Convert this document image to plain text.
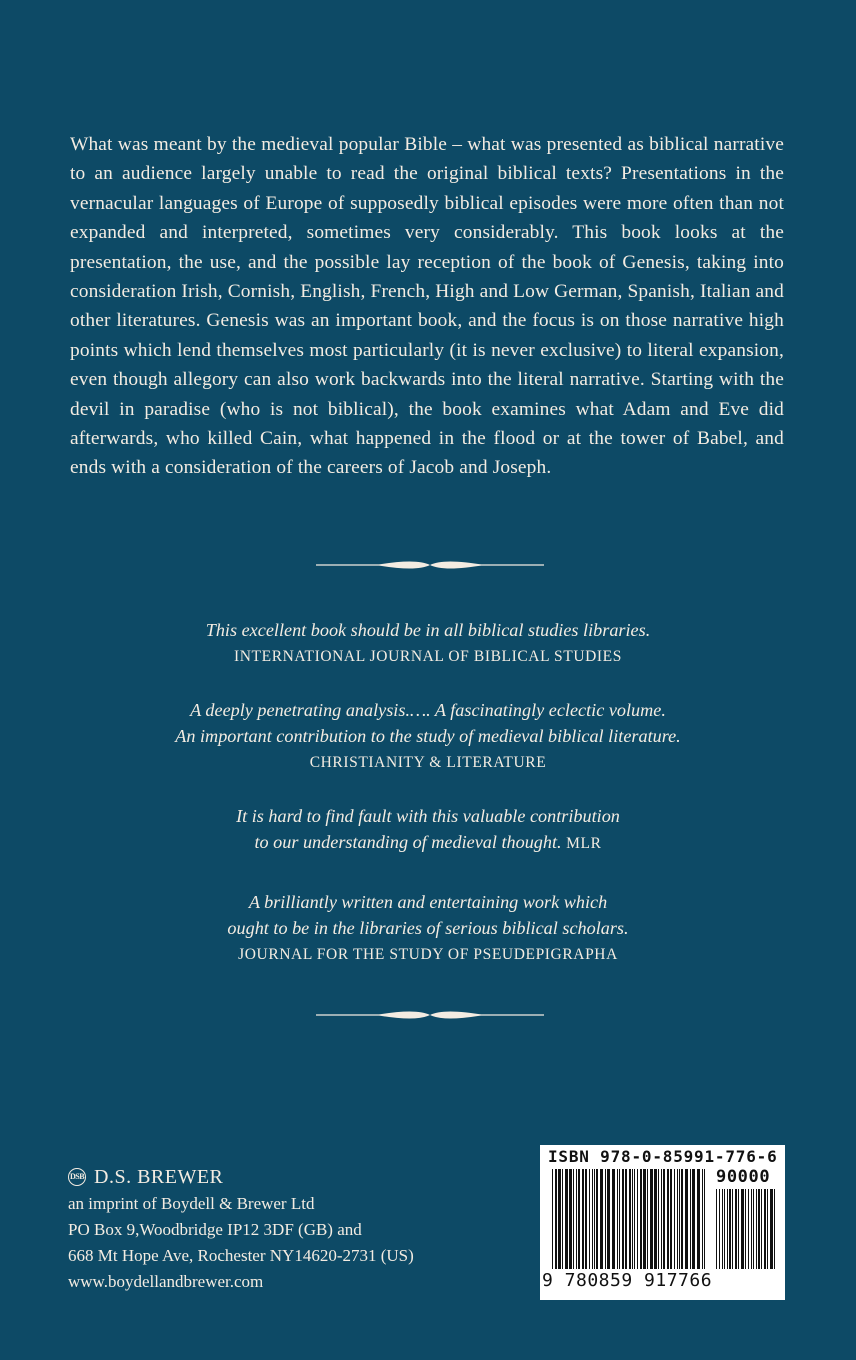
What was meant by the medieval popular Bible – what was presented as biblical narrative to an audience largely unable to read the original biblical texts? Presentations in the vernacular languages of Europe of supposedly biblical episodes were more often than not expanded and interpreted, sometimes very considerably. This book looks at the presentation, the use, and the possible lay reception of the book of Genesis, taking into consideration Irish, Cornish, English, French, High and Low German, Spanish, Italian and other literatures. Genesis was an important book, and the focus is on those narrative high points which lend themselves most particularly (it is never exclusive) to literal expansion, even though allegory can also work backwards into the literal narrative. Starting with the devil in paradise (who is not biblical), the book examines what Adam and Eve did afterwards, who killed Cain, what happened in the flood or at the tower of Babel, and ends with a consideration of the careers of Jacob and Joseph.

This excellent book should be in all biblical studies libraries.
INTERNATIONAL JOURNAL OF BIBLICAL STUDIES
A deeply penetrating analysis.…. A fascinatingly eclectic volume.
An important contribution to the study of medieval biblical literature.
CHRISTIANITY & LITERATURE
It is hard to find fault with this valuable contribution
to our understanding of medieval thought. MLR
A brilliantly written and entertaining work which
ought to be in the libraries of serious biblical scholars.
JOURNAL FOR THE STUDY OF PSEUDEPIGRAPHA
DSB D.S. BREWER
an imprint of Boydell & Brewer Ltd
PO Box 9,Woodbridge IP12 3DF (GB) and
668 Mt Hope Ave, Rochester NY14620-2731 (US)
www.boydellandbrewer.com
ISBN 978-0-85991-776-6
90000
9 780859 917766
